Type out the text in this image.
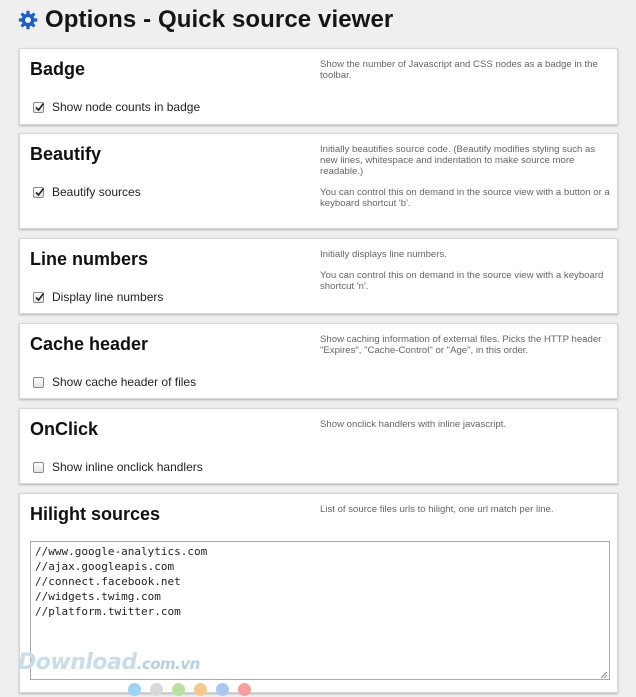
Options - Quick source viewer
Badge	Show the number of Javascript and CSS nodes as a badge in the toolbar.

Show node counts in badge
Beautify	Initially beautifies source code. (Beautify modifies styling such as new lines, whitespace and indentation to make source more readable.)

You can control this on demand in the source view with a button or a keyboard shortcut 'b'.

Beautify sources
Line numbers	Initially displays line numbers.

You can control this on demand in the source view with a keyboard shortcut 'n'.

Display line numbers
Cache header	Show caching information of external files. Picks the HTTP header "Expires", "Cache-Control" or "Age", in this order.

Show cache header of files
OnClick	Show onclick handlers with inline javascript.

Show inline onclick handlers
Hilight sources	List of source files urls to hilight, one url match per line.

//www.google-analytics.com //ajax.googleapis.com //connect.facebook.net //widgets.twimg.com //platform.twitter.com
Download.com.vn
